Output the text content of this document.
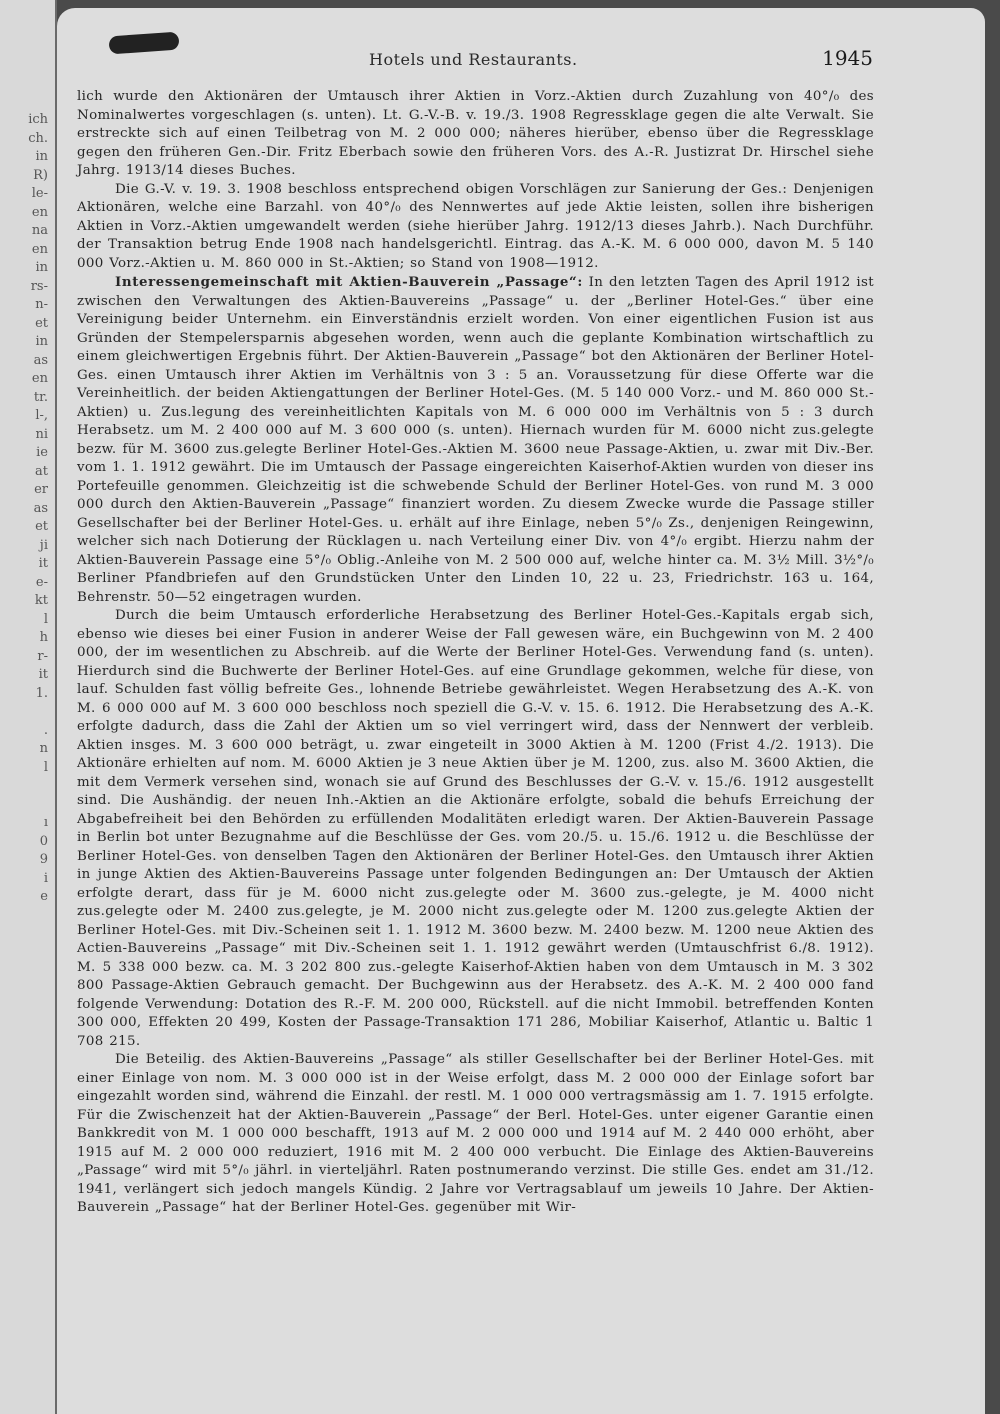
ich
ch.
in
R)
le-
en
na
en
in
rs-
n-
et
in
as
en
tr.
l-,
ni
ie
at
er
as
et
ji
it
e-
kt
l
h
r-
it
1.
.
n
l
ı
0
9
i
e
Hotels und Restaurants.	1945

lich wurde den Aktionären der Umtausch ihrer Aktien in Vorz.-Aktien durch Zuzahlung von 40°/₀ des Nominalwertes vorgeschlagen (s. unten). Lt. G.-V.-B. v. 19./3. 1908 Regressklage gegen die alte Verwalt. Sie erstreckte sich auf einen Teilbetrag von M. 2 000 000; näheres hierüber, ebenso über die Regressklage gegen den früheren Gen.-Dir. Fritz Eberbach sowie den früheren Vors. des A.-R. Justizrat Dr. Hirschel siehe Jahrg. 1913/14 dieses Buches.

Die G.-V. v. 19. 3. 1908 beschloss entsprechend obigen Vorschlägen zur Sanierung der Ges.: Denjenigen Aktionären, welche eine Barzahl. von 40°/₀ des Nennwertes auf jede Aktie leisten, sollen ihre bisherigen Aktien in Vorz.-Aktien umgewandelt werden (siehe hierüber Jahrg. 1912/13 dieses Jahrb.). Nach Durchführ. der Transaktion betrug Ende 1908 nach handelsgerichtl. Eintrag. das A.-K. M. 6 000 000, davon M. 5 140 000 Vorz.-Aktien u. M. 860 000 in St.-Aktien; so Stand von 1908—1912.

Interessengemeinschaft mit Aktien-Bauverein „Passage“: In den letzten Tagen des April 1912 ist zwischen den Verwaltungen des Aktien-Bauvereins „Passage“ u. der „Berliner Hotel-Ges.“ über eine Vereinigung beider Unternehm. ein Einverständnis erzielt worden. Von einer eigentlichen Fusion ist aus Gründen der Stempelersparnis abgesehen worden, wenn auch die geplante Kombination wirtschaftlich zu einem gleichwertigen Ergebnis führt. Der Aktien-Bauverein „Passage“ bot den Aktionären der Berliner Hotel-Ges. einen Umtausch ihrer Aktien im Verhältnis von 3 : 5 an. Voraussetzung für diese Offerte war die Vereinheitlich. der beiden Aktiengattungen der Berliner Hotel-Ges. (M. 5 140 000 Vorz.- und M. 860 000 St.-Aktien) u. Zus.legung des vereinheitlichten Kapitals von M. 6 000 000 im Verhältnis von 5 : 3 durch Herabsetz. um M. 2 400 000 auf M. 3 600 000 (s. unten). Hiernach wurden für M. 6000 nicht zus.gelegte bezw. für M. 3600 zus.gelegte Berliner Hotel-Ges.-Aktien M. 3600 neue Passage-Aktien, u. zwar mit Div.-Ber. vom 1. 1. 1912 gewährt. Die im Umtausch der Passage eingereichten Kaiserhof-Aktien wurden von dieser ins Portefeuille genommen. Gleichzeitig ist die schwebende Schuld der Berliner Hotel-Ges. von rund M. 3 000 000 durch den Aktien-Bauverein „Passage“ finanziert worden. Zu diesem Zwecke wurde die Passage stiller Gesellschafter bei der Berliner Hotel-Ges. u. erhält auf ihre Einlage, neben 5°/₀ Zs., denjenigen Reingewinn, welcher sich nach Dotierung der Rücklagen u. nach Verteilung einer Div. von 4°/₀ ergibt. Hierzu nahm der Aktien-Bauverein Passage eine 5°/₀ Oblig.-Anleihe von M. 2 500 000 auf, welche hinter ca. M. 3½ Mill. 3½°/₀ Berliner Pfandbriefen auf den Grundstücken Unter den Linden 10, 22 u. 23, Friedrichstr. 163 u. 164, Behrenstr. 50—52 eingetragen wurden.

Durch die beim Umtausch erforderliche Herabsetzung des Berliner Hotel-Ges.-Kapitals ergab sich, ebenso wie dieses bei einer Fusion in anderer Weise der Fall gewesen wäre, ein Buchgewinn von M. 2 400 000, der im wesentlichen zu Abschreib. auf die Werte der Berliner Hotel-Ges. Verwendung fand (s. unten). Hierdurch sind die Buchwerte der Berliner Hotel-Ges. auf eine Grundlage gekommen, welche für diese, von lauf. Schulden fast völlig befreite Ges., lohnende Betriebe gewährleistet. Wegen Herabsetzung des A.-K. von M. 6 000 000 auf M. 3 600 000 beschloss noch speziell die G.-V. v. 15. 6. 1912. Die Herabsetzung des A.-K. erfolgte dadurch, dass die Zahl der Aktien um so viel verringert wird, dass der Nennwert der verbleib. Aktien insges. M. 3 600 000 beträgt, u. zwar eingeteilt in 3000 Aktien à M. 1200 (Frist 4./2. 1913). Die Aktionäre erhielten auf nom. M. 6000 Aktien je 3 neue Aktien über je M. 1200, zus. also M. 3600 Aktien, die mit dem Vermerk versehen sind, wonach sie auf Grund des Beschlusses der G.-V. v. 15./6. 1912 ausgestellt sind. Die Aushändig. der neuen Inh.-Aktien an die Aktionäre erfolgte, sobald die behufs Erreichung der Abgabefreiheit bei den Behörden zu erfüllenden Modalitäten erledigt waren. Der Aktien-Bauverein Passage in Berlin bot unter Bezugnahme auf die Beschlüsse der Ges. vom 20./5. u. 15./6. 1912 u. die Beschlüsse der Berliner Hotel-Ges. von denselben Tagen den Aktionären der Berliner Hotel-Ges. den Umtausch ihrer Aktien in junge Aktien des Aktien-Bauvereins Passage unter folgenden Bedingungen an: Der Umtausch der Aktien erfolgte derart, dass für je M. 6000 nicht zus.gelegte oder M. 3600 zus.-gelegte, je M. 4000 nicht zus.gelegte oder M. 2400 zus.gelegte, je M. 2000 nicht zus.gelegte oder M. 1200 zus.gelegte Aktien der Berliner Hotel-Ges. mit Div.-Scheinen seit 1. 1. 1912 M. 3600 bezw. M. 2400 bezw. M. 1200 neue Aktien des Actien-Bauvereins „Passage“ mit Div.-Scheinen seit 1. 1. 1912 gewährt werden (Umtauschfrist 6./8. 1912). M. 5 338 000 bezw. ca. M. 3 202 800 zus.-gelegte Kaiserhof-Aktien haben von dem Umtausch in M. 3 302 800 Passage-Aktien Gebrauch gemacht. Der Buchgewinn aus der Herabsetz. des A.-K. M. 2 400 000 fand folgende Verwendung: Dotation des R.-F. M. 200 000, Rückstell. auf die nicht Immobil. betreffenden Konten 300 000, Effekten 20 499, Kosten der Passage-Transaktion 171 286, Mobiliar Kaiserhof, Atlantic u. Baltic 1 708 215.

Die Beteilig. des Aktien-Bauvereins „Passage“ als stiller Gesellschafter bei der Berliner Hotel-Ges. mit einer Einlage von nom. M. 3 000 000 ist in der Weise erfolgt, dass M. 2 000 000 der Einlage sofort bar eingezahlt worden sind, während die Einzahl. der restl. M. 1 000 000 vertragsmässig am 1. 7. 1915 erfolgte. Für die Zwischenzeit hat der Aktien-Bauverein „Passage“ der Berl. Hotel-Ges. unter eigener Garantie einen Bankkredit von M. 1 000 000 beschafft, 1913 auf M. 2 000 000 und 1914 auf M. 2 440 000 erhöht, aber 1915 auf M. 2 000 000 reduziert, 1916 mit M. 2 400 000 verbucht. Die Einlage des Aktien-Bauvereins „Passage“ wird mit 5°/₀ jährl. in vierteljährl. Raten postnumerando verzinst. Die stille Ges. endet am 31./12. 1941, verlängert sich jedoch mangels Kündig. 2 Jahre vor Vertragsablauf um jeweils 10 Jahre. Der Aktien-Bauverein „Passage“ hat der Berliner Hotel-Ges. gegenüber mit Wir-
